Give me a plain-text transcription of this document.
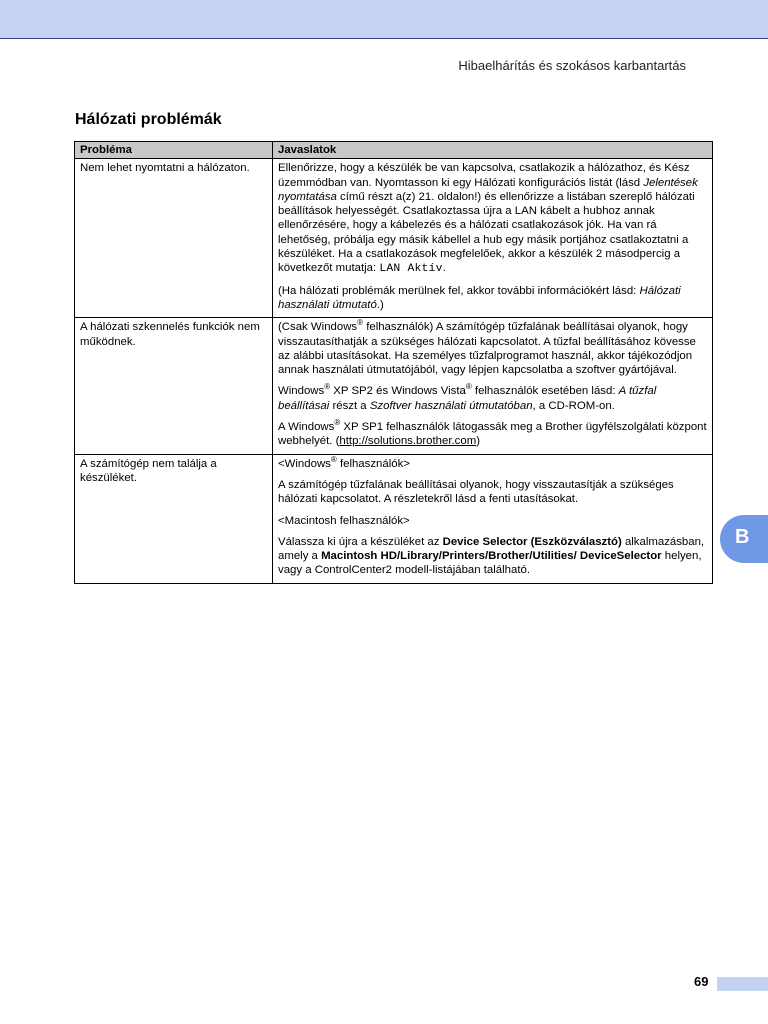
Hibaelhárítás és szokásos karbantartás
Hálózati problémák
Probléma	Javaslatok
Nem lehet nyomtatni a hálózaton.	Ellenőrizze, hogy a készülék be van kapcsolva, csatlakozik a hálózathoz, és Kész üzemmódban van. Nyomtasson ki egy Hálózati konfigurációs listát (lásd Jelentések nyomtatása című részt a(z) 21. oldalon!) és ellenőrizze a listában szereplő hálózati beállítások helyességét. Csatlakoztassa újra a LAN kábelt a hubhoz annak ellenőrzésére, hogy a kábelezés és a hálózati csatlakozások jók. Ha van rá lehetőség, próbálja egy másik kábellel a hub egy másik portjához csatlakoztatni a készüléket. Ha a csatlakozások megfelelőek, akkor a készülék 2 másodpercig a következőt mutatja: LAN Aktív.

(Ha hálózati problémák merülnek fel, akkor további információkért lásd: Hálózati használati útmutató.)

A hálózati szkennelés funkciók nem működnek.	(Csak Windows® felhasználók) A számítógép tűzfalának beállításai olyanok, hogy visszautasíthatják a szükséges hálózati kapcsolatot. A tűzfal beállításához kövesse az alábbi utasításokat. Ha személyes tűzfalprogramot használ, akkor tájékozódjon annak használati útmutatójából, vagy lépjen kapcsolatba a szoftver gyártójával.

Windows® XP SP2 és Windows Vista® felhasználók esetében lásd: A tűzfal beállításai részt a Szoftver használati útmutatóban, a CD-ROM-on.

A Windows® XP SP1 felhasználók látogassák meg a Brother ügyfélszolgálati központ webhelyét. (http://solutions.brother.com)

A számítógép nem találja a készüléket.	<Windows® felhasználók>

A számítógép tűzfalának beállításai olyanok, hogy visszautasítják a szükséges hálózati kapcsolatot. A részletekről lásd a fenti utasításokat.

<Macintosh felhasználók>

Válassza ki újra a készüléket az Device Selector (Eszközválasztó) alkalmazásban, amely a Macintosh HD/Library/Printers/Brother/Utilities/ DeviceSelector helyen, vagy a ControlCenter2 modell-listájában található.

B
69
